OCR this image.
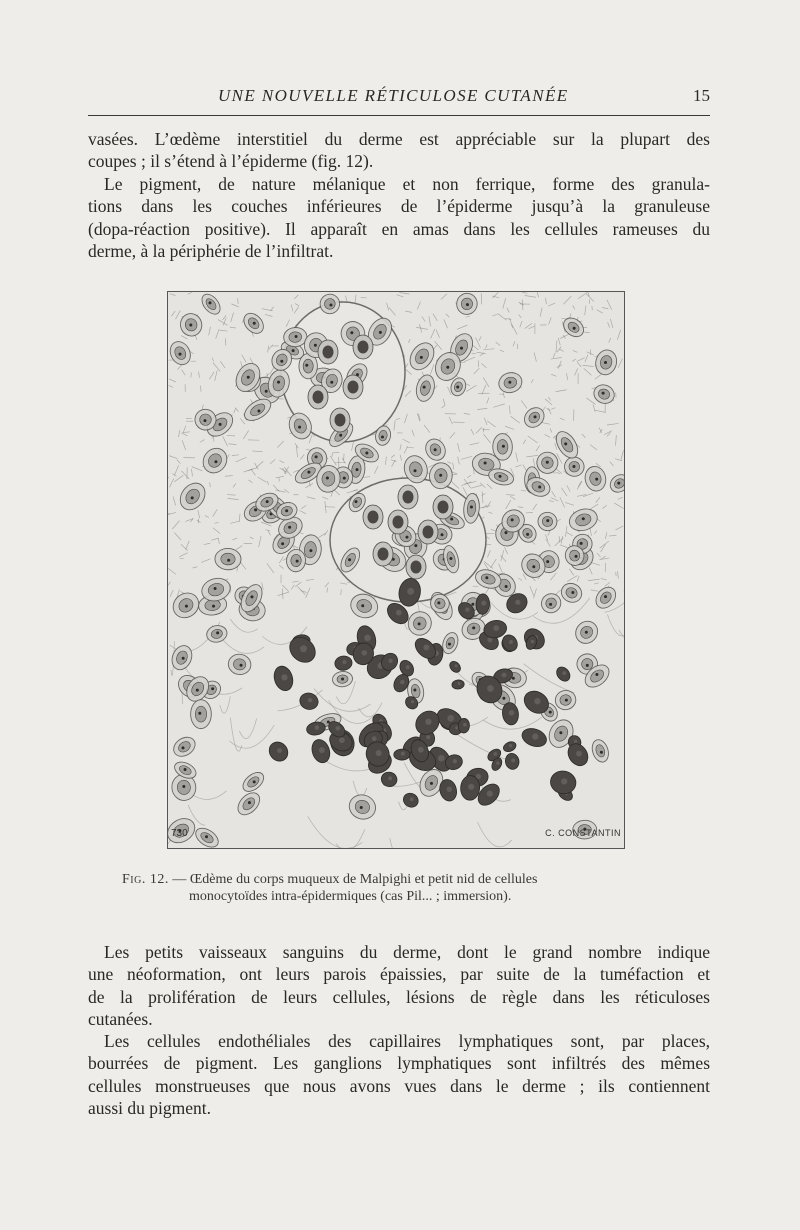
UNE NOUVELLE RÉTICULOSE CUTANÉE	15

vasées. L’œdème interstitiel du derme est appréciable sur la plupart des
coupes ; il s’étend à l’épiderme (fig. 12).

Le pigment, de nature mélanique et non ferrique, forme des granula-
tions dans les couches inférieures de l’épiderme jusqu’à la granuleuse
(dopa-réaction positive). Il apparaît en amas dans les cellules rameuses du
derme, à la périphérie de l’infiltrat.

730	C. CONSTANTIN

Fig. 12. — Œdème du corps muqueux de Malpighi et petit nid de cellules
monocytoïdes intra-épidermiques (cas Pil... ; immersion).

Les petits vaisseaux sanguins du derme, dont le grand nombre indique
une néoformation, ont leurs parois épaissies, par suite de la tuméfaction et
de la prolifération de leurs cellules, lésions de règle dans les réticuloses
cutanées.

Les cellules endothéliales des capillaires lymphatiques sont, par places,
bourrées de pigment. Les ganglions lymphatiques sont infiltrés des mêmes
cellules monstrueuses que nous avons vues dans le derme ; ils contiennent
aussi du pigment.
